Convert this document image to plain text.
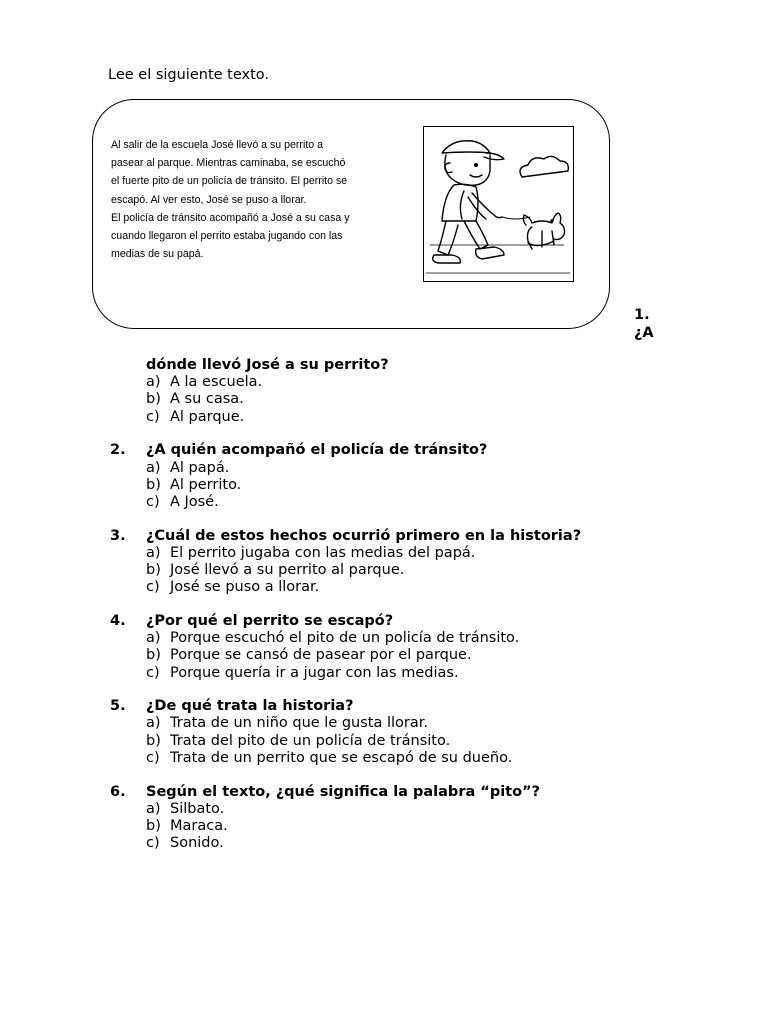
Lee el siguiente texto.

Al salir de la escuela José llevó a su perrito a

pasear al parque. Mientras caminaba, se escuchó

el fuerte pito de un policía de tránsito. El perrito se

escapó. Al ver esto, José se puso a llorar.

El policía de tránsito acompañó a José a su casa y

cuando llegaron el perrito estaba jugando con las

medias de su papá.

1.
¿A
dónde llevó José a su perrito?
a) A la escuela.
b) A su casa.
c) Al parque.
2.	¿A quién acompañó el policía de tránsito?
a) Al papá.
b) Al perrito.
c) A José.
3.	¿Cuál de estos hechos ocurrió primero en la historia?
a) El perrito jugaba con las medias del papá.
b) José llevó a su perrito al parque.
c) José se puso a llorar.
4.	¿Por qué el perrito se escapó?
a) Porque escuchó el pito de un policía de tránsito.
b) Porque se cansó de pasear por el parque.
c) Porque quería ir a jugar con las medias.
5.	¿De qué trata la historia?
a) Trata de un niño que le gusta llorar.
b) Trata del pito de un policía de tránsito.
c) Trata de un perrito que se escapó de su dueño.
6.	Según el texto, ¿qué significa la palabra “pito”?
a) Silbato.
b) Maraca.
c) Sonido.
